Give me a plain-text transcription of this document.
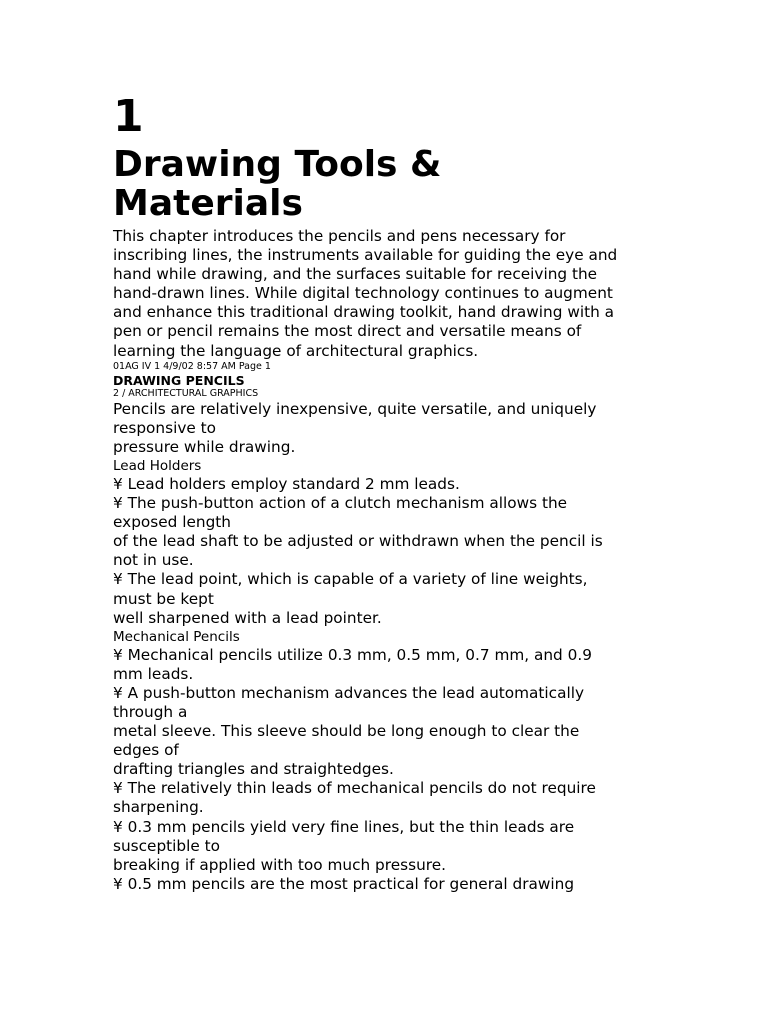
1
Drawing Tools &
Materials
This chapter introduces the pencils and pens necessary for
inscribing lines, the instruments available for guiding the eye and
hand while drawing, and the surfaces suitable for receiving the
hand-drawn lines. While digital technology continues to augment
and enhance this traditional drawing toolkit, hand drawing with a
pen or pencil remains the most direct and versatile means of
learning the language of architectural graphics.
01AG IV 1 4/9/02 8:57 AM Page 1
DRAWING PENCILS
2 / ARCHITECTURAL GRAPHICS
Pencils are relatively inexpensive, quite versatile, and uniquely
responsive to
pressure while drawing.
Lead Holders
¥ Lead holders employ standard 2 mm leads.
¥ The push-button action of a clutch mechanism allows the
exposed length
of the lead shaft to be adjusted or withdrawn when the pencil is
not in use.
¥ The lead point, which is capable of a variety of line weights,
must be kept
well sharpened with a lead pointer.
Mechanical Pencils
¥ Mechanical pencils utilize 0.3 mm, 0.5 mm, 0.7 mm, and 0.9
mm leads.
¥ A push-button mechanism advances the lead automatically
through a
metal sleeve. This sleeve should be long enough to clear the
edges of
drafting triangles and straightedges.
¥ The relatively thin leads of mechanical pencils do not require
sharpening.
¥ 0.3 mm pencils yield very fine lines, but the thin leads are
susceptible to
breaking if applied with too much pressure.
¥ 0.5 mm pencils are the most practical for general drawing
